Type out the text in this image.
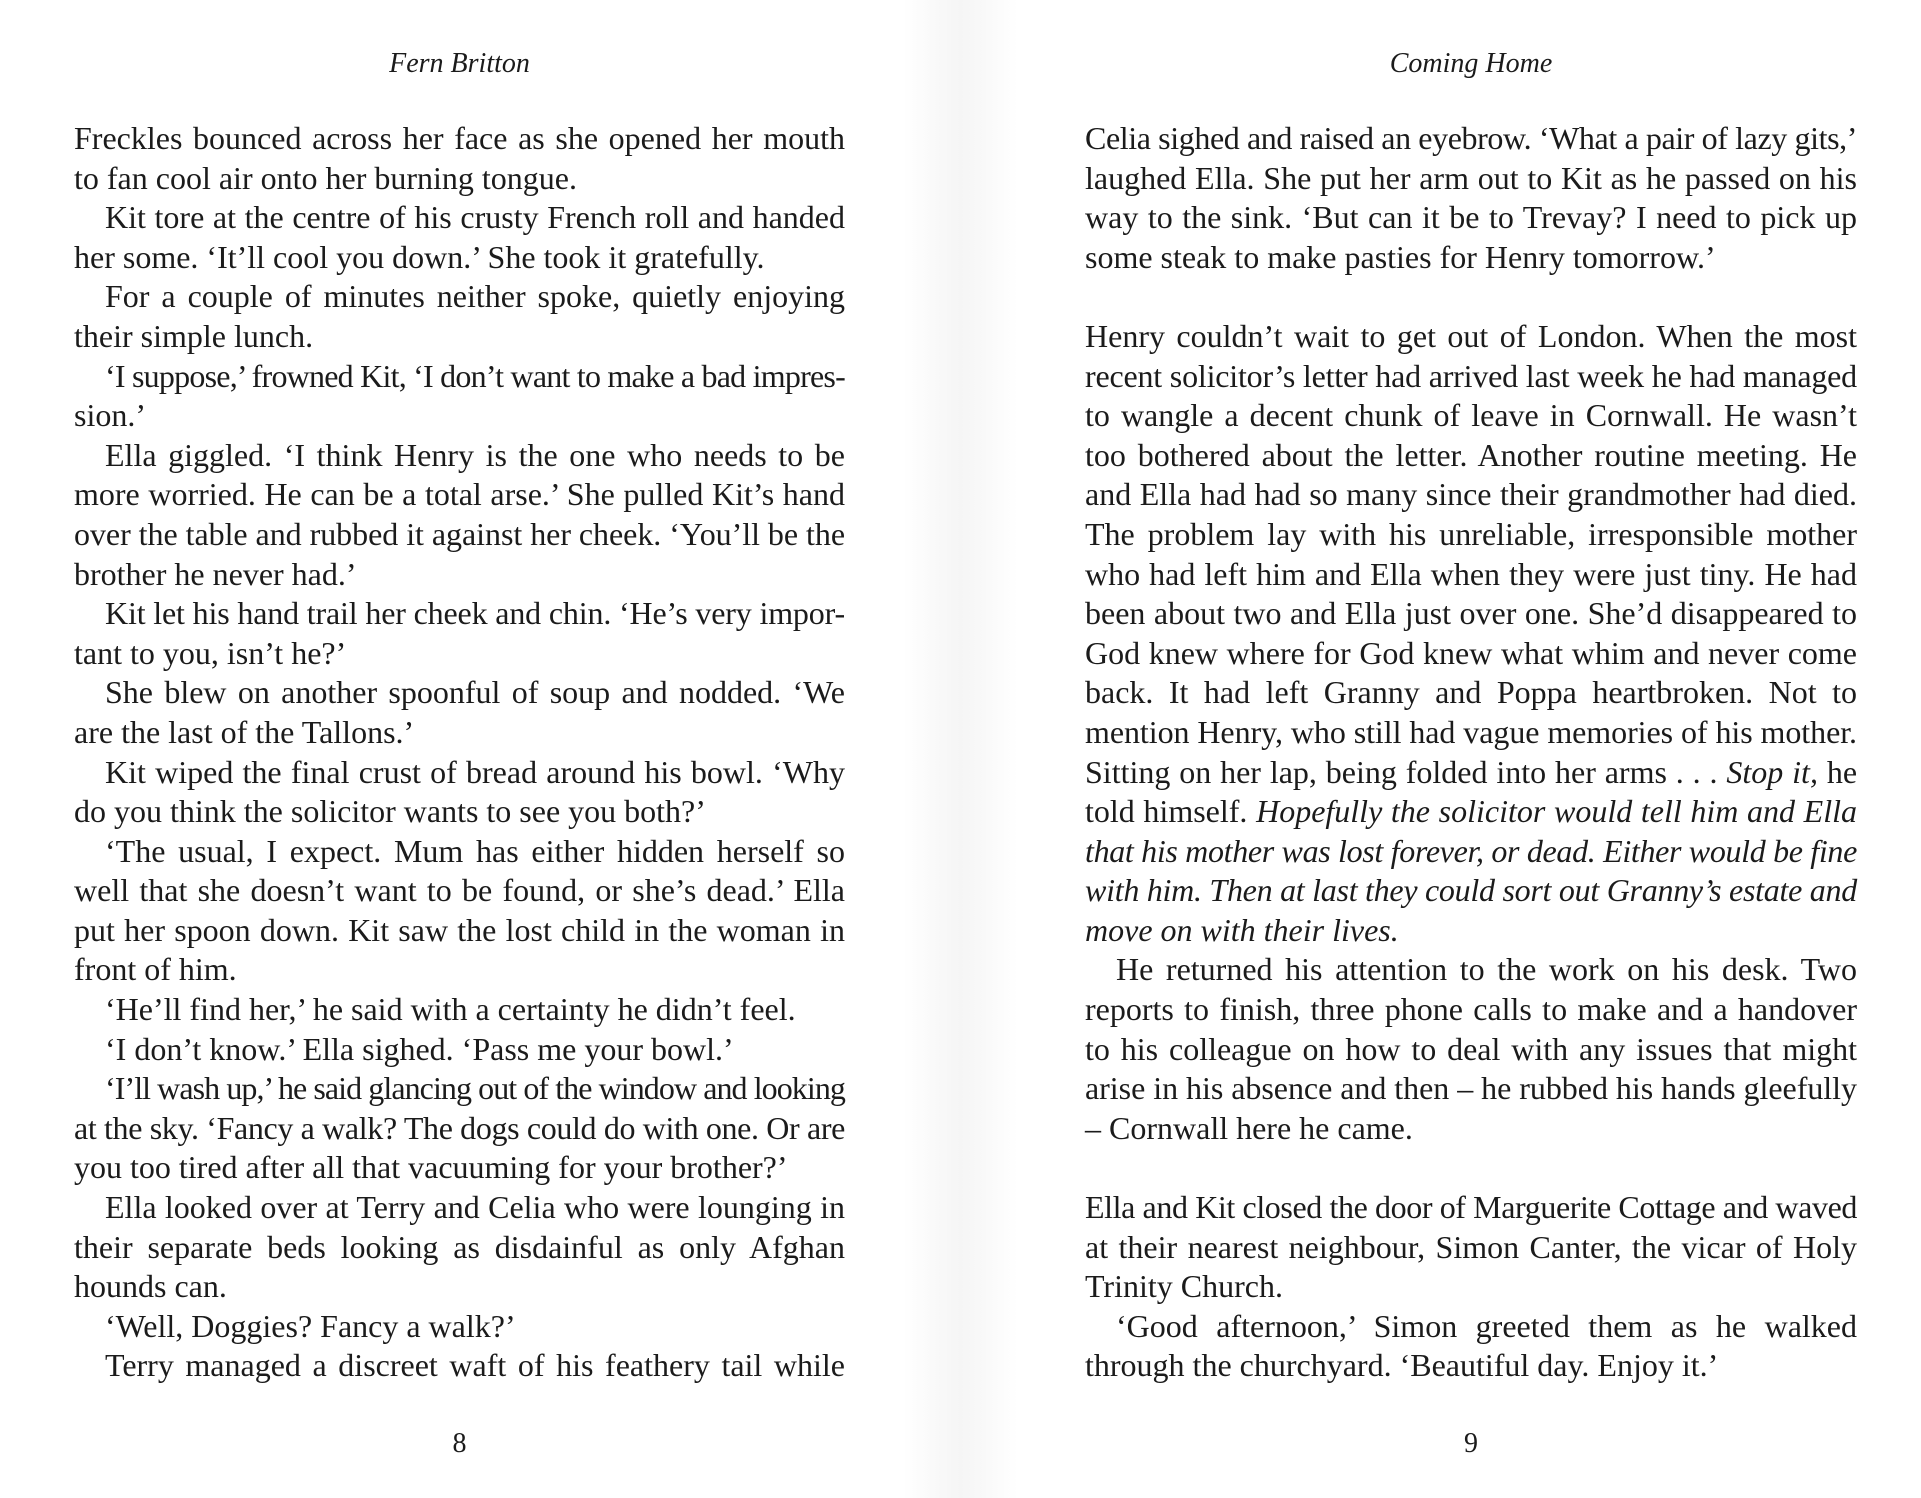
Fern Britton
Freckles bounced across her face as she opened her mouth
to fan cool air onto her burning tongue.
Kit tore at the centre of his crusty French roll and handed
her some. ‘It’ll cool you down.’ She took it gratefully.
For a couple of minutes neither spoke, quietly enjoying
their simple lunch.
‘I suppose,’ frowned Kit, ‘I don’t want to make a bad impres-
sion.’
Ella giggled. ‘I think Henry is the one who needs to be
more worried. He can be a total arse.’ She pulled Kit’s hand
over the table and rubbed it against her cheek. ‘You’ll be the
brother he never had.’
Kit let his hand trail her cheek and chin. ‘He’s very impor-
tant to you, isn’t he?’
She blew on another spoonful of soup and nodded. ‘We
are the last of the Tallons.’
Kit wiped the final crust of bread around his bowl. ‘Why
do you think the solicitor wants to see you both?’
‘The usual, I expect. Mum has either hidden herself so
well that she doesn’t want to be found, or she’s dead.’ Ella
put her spoon down. Kit saw the lost child in the woman in
front of him.
‘He’ll find her,’ he said with a certainty he didn’t feel.
‘I don’t know.’ Ella sighed. ‘Pass me your bowl.’
‘I’ll wash up,’ he said glancing out of the window and looking
at the sky. ‘Fancy a walk? The dogs could do with one. Or are
you too tired after all that vacuuming for your brother?’
Ella looked over at Terry and Celia who were lounging in
their separate beds looking as disdainful as only Afghan
hounds can.
‘Well, Doggies? Fancy a walk?’
Terry managed a discreet waft of his feathery tail while
8
Coming Home
Celia sighed and raised an eyebrow. ‘What a pair of lazy gits,’
laughed Ella. She put her arm out to Kit as he passed on his
way to the sink. ‘But can it be to Trevay? I need to pick up
some steak to make pasties for Henry tomorrow.’
Henry couldn’t wait to get out of London. When the most
recent solicitor’s letter had arrived last week he had managed
to wangle a decent chunk of leave in Cornwall. He wasn’t
too bothered about the letter. Another routine meeting. He
and Ella had had so many since their grandmother had died.
The problem lay with his unreliable, irresponsible mother
who had left him and Ella when they were just tiny. He had
been about two and Ella just over one. She’d disappeared to
God knew where for God knew what whim and never come
back. It had left Granny and Poppa heartbroken. Not to
mention Henry, who still had vague memories of his mother.
Sitting on her lap, being folded into her arms . . . Stop it, he
told himself. Hopefully the solicitor would tell him and Ella
that his mother was lost forever, or dead. Either would be fine
with him. Then at last they could sort out Granny’s estate and
move on with their lives.
He returned his attention to the work on his desk. Two
reports to finish, three phone calls to make and a handover
to his colleague on how to deal with any issues that might
arise in his absence and then – he rubbed his hands gleefully
– Cornwall here he came.
Ella and Kit closed the door of Marguerite Cottage and waved
at their nearest neighbour, Simon Canter, the vicar of Holy
Trinity Church.
‘Good afternoon,’ Simon greeted them as he walked
through the churchyard. ‘Beautiful day. Enjoy it.’
9
